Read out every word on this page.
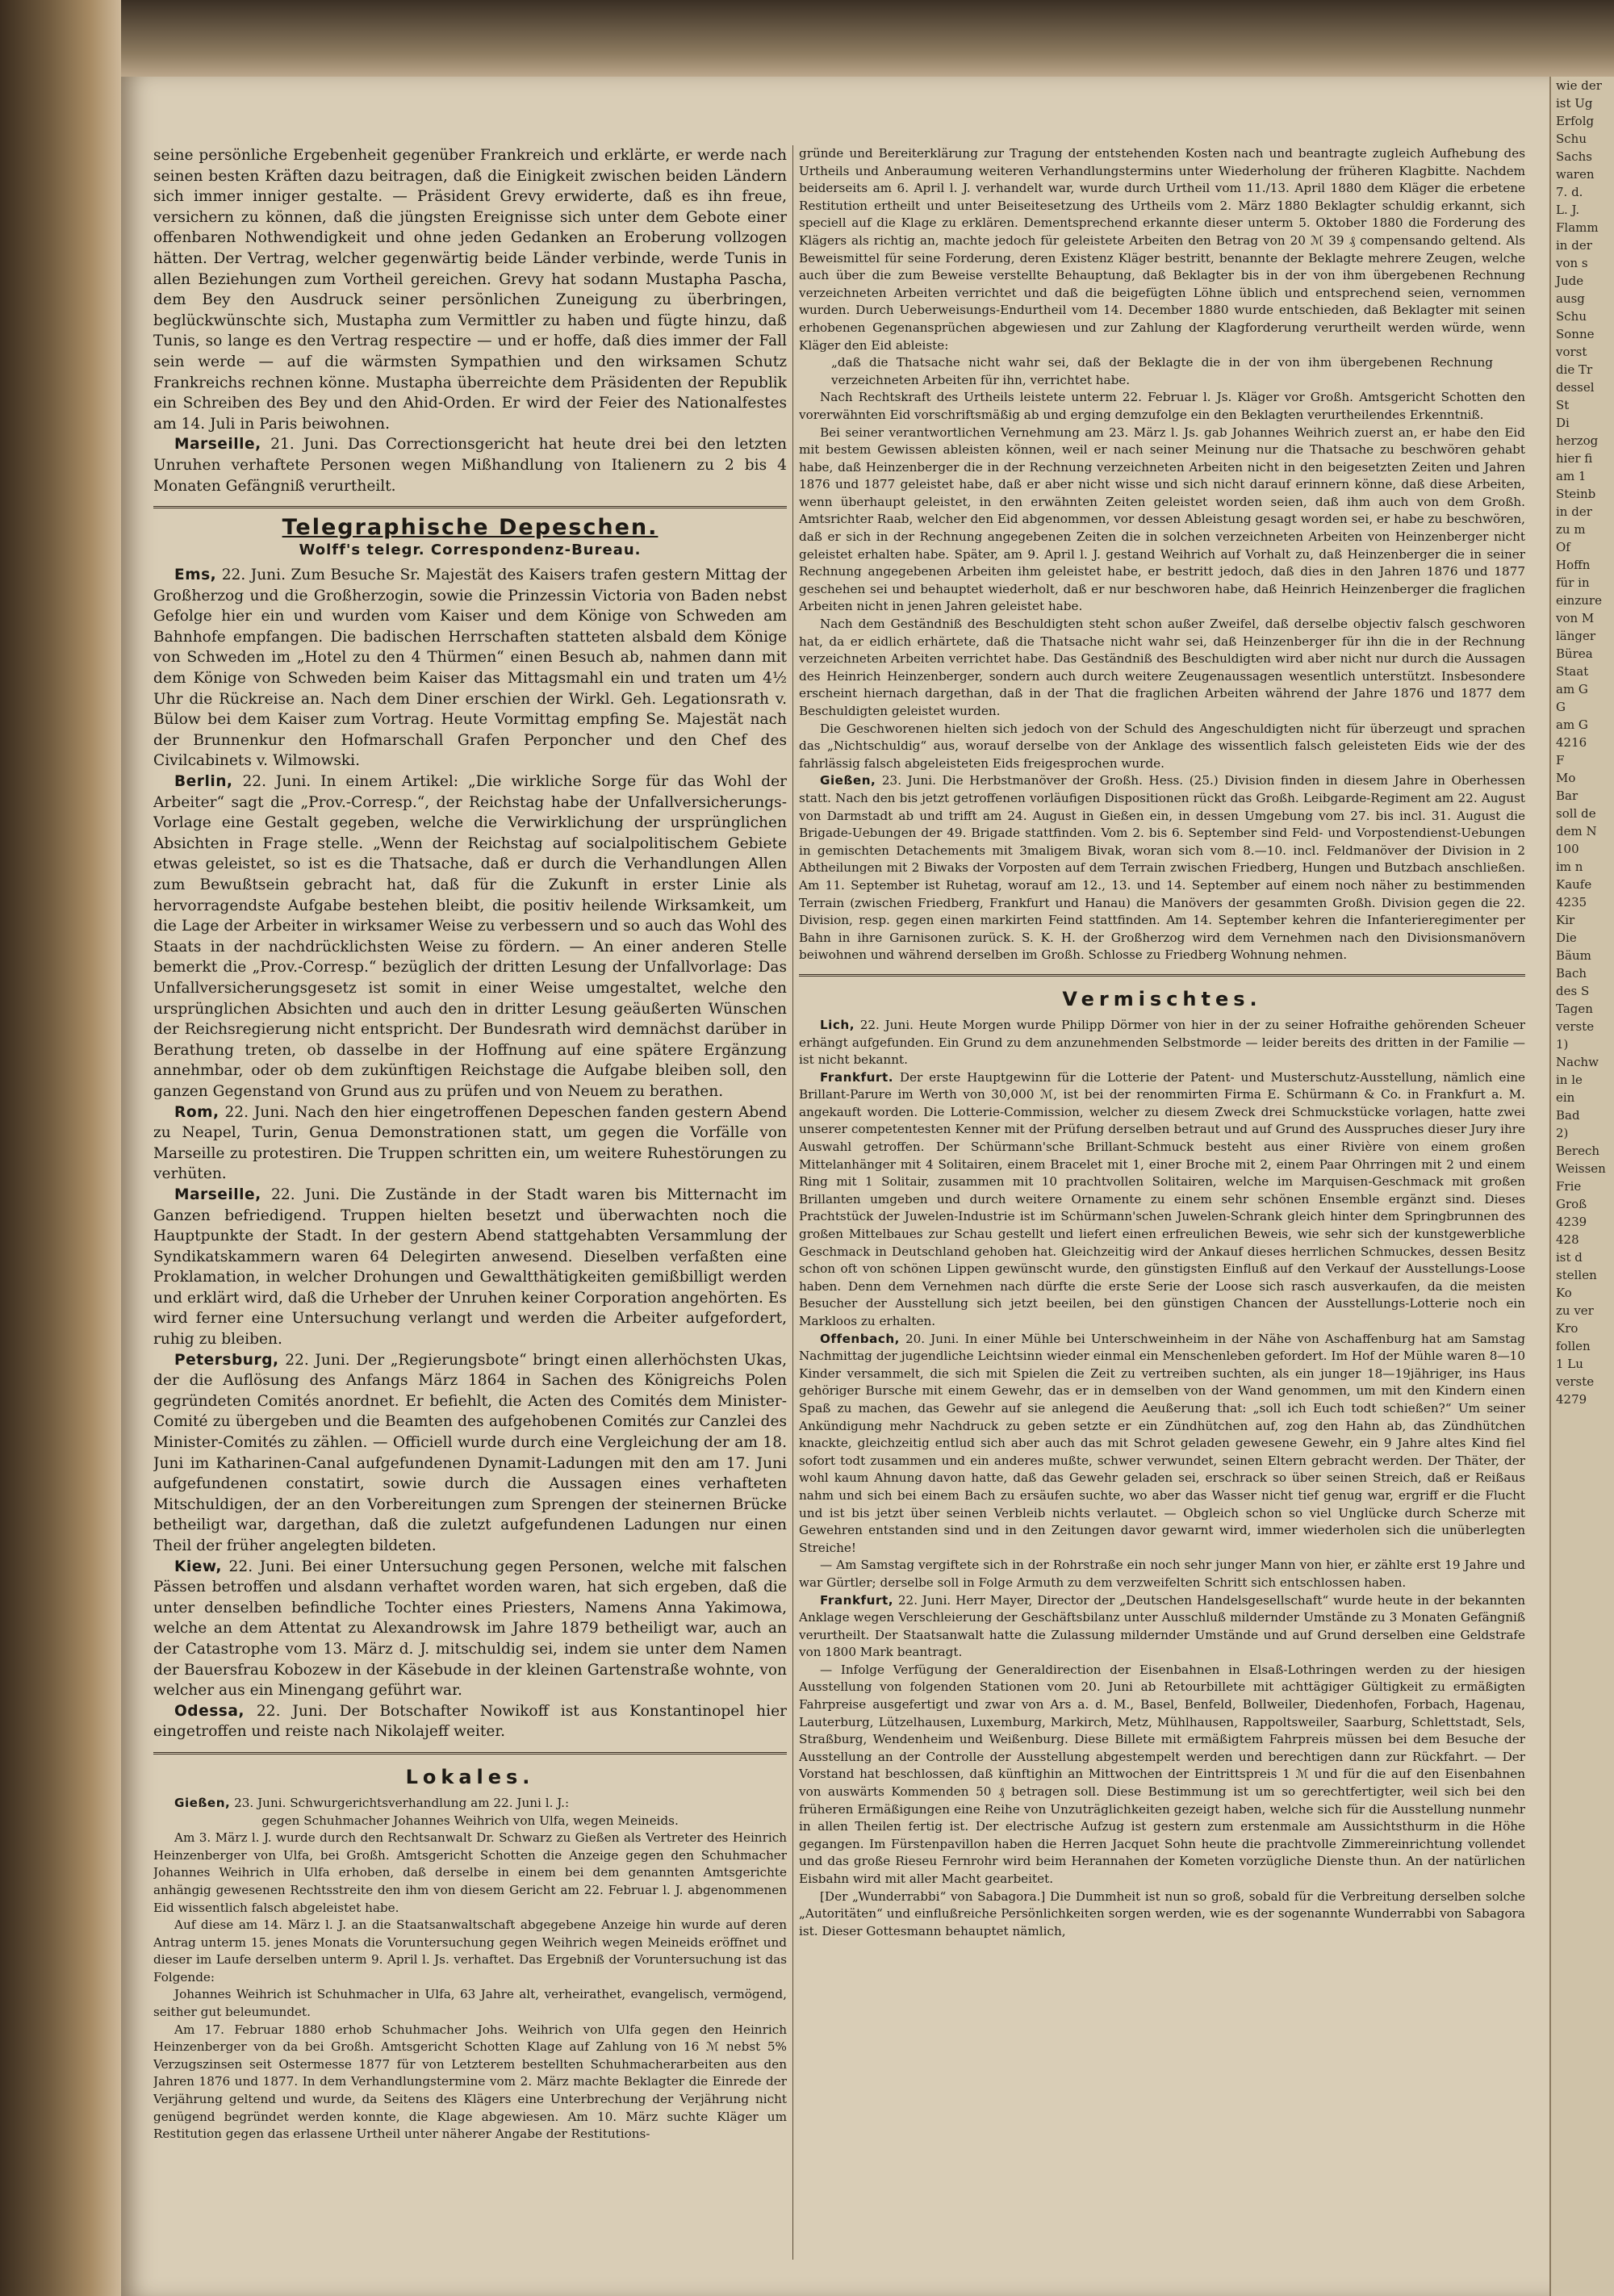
wie der
ist Ug
Erfolg
Schu
Sachs
waren
7. d.
L. J.
Flamm
in der
von s
Jude
ausg
Schu
Sonne
vorst
die Tr
dessel
St
Di
herzog
hier fi
am 1
Steinb
in der
zu m
Of
Hoffn
für in
einzure
von M
länger
Bürea
Staat
am G
G
am G
4216
F
Mo
Bar
soll de
dem N
100
im n
Kaufe
4235
Kir
Die
Bäum
Bach
des S
Tagen
verste
1)
Nachw
in le
ein
Bad
2)
Berech
Weissen
Frie
Groß
4239
428
ist d
stellen
Ko
zu ver
Kro
follen
1 Lu
verste
4279

seine persönliche Ergebenheit gegenüber Frankreich und erklärte, er werde nach seinen besten Kräften dazu beitragen, daß die Einigkeit zwischen beiden Ländern sich immer inniger gestalte. — Präsident Grevy erwiderte, daß es ihn freue, versichern zu können, daß die jüngsten Ereignisse sich unter dem Gebote einer offenbaren Nothwendigkeit und ohne jeden Gedanken an Eroberung vollzogen hätten. Der Vertrag, welcher gegenwärtig beide Länder verbinde, werde Tunis in allen Beziehungen zum Vortheil gereichen. Grevy hat sodann Mustapha Pascha, dem Bey den Ausdruck seiner persönlichen Zuneigung zu überbringen, beglückwünschte sich, Mustapha zum Vermittler zu haben und fügte hinzu, daß Tunis, so lange es den Vertrag respectire — und er hoffe, daß dies immer der Fall sein werde — auf die wärmsten Sympathien und den wirksamen Schutz Frankreichs rechnen könne. Mustapha überreichte dem Präsidenten der Republik ein Schreiben des Bey und den Ahid-Orden. Er wird der Feier des Nationalfestes am 14. Juli in Paris beiwohnen.

Marseille, 21. Juni. Das Correctionsgericht hat heute drei bei den letzten Unruhen verhaftete Personen wegen Mißhandlung von Italienern zu 2 bis 4 Monaten Gefängniß verurtheilt.

Telegraphische Depeschen.
Wolff's telegr. Correspondenz-Bureau.

Ems, 22. Juni. Zum Besuche Sr. Majestät des Kaisers trafen gestern Mittag der Großherzog und die Großherzogin, sowie die Prinzessin Victoria von Baden nebst Gefolge hier ein und wurden vom Kaiser und dem Könige von Schweden am Bahnhofe empfangen. Die badischen Herrschaften statteten alsbald dem Könige von Schweden im „Hotel zu den 4 Thürmen“ einen Besuch ab, nahmen dann mit dem Könige von Schweden beim Kaiser das Mittagsmahl ein und traten um 4½ Uhr die Rückreise an. Nach dem Diner erschien der Wirkl. Geh. Legationsrath v. Bülow bei dem Kaiser zum Vortrag. Heute Vormittag empfing Se. Majestät nach der Brunnenkur den Hofmarschall Grafen Perponcher und den Chef des Civilcabinets v. Wilmowski.

Berlin, 22. Juni. In einem Artikel: „Die wirkliche Sorge für das Wohl der Arbeiter“ sagt die „Prov.-Corresp.“, der Reichstag habe der Unfallversicherungs-Vorlage eine Gestalt gegeben, welche die Verwirklichung der ursprünglichen Absichten in Frage stelle. „Wenn der Reichstag auf socialpolitischem Gebiete etwas geleistet, so ist es die Thatsache, daß er durch die Verhandlungen Allen zum Bewußtsein gebracht hat, daß für die Zukunft in erster Linie als hervorragendste Aufgabe bestehen bleibt, die positiv heilende Wirksamkeit, um die Lage der Arbeiter in wirksamer Weise zu verbessern und so auch das Wohl des Staats in der nachdrücklichsten Weise zu fördern. — An einer anderen Stelle bemerkt die „Prov.-Corresp.“ bezüglich der dritten Lesung der Unfallvorlage: Das Unfallversicherungsgesetz ist somit in einer Weise umgestaltet, welche den ursprünglichen Absichten und auch den in dritter Lesung geäußerten Wünschen der Reichsregierung nicht entspricht. Der Bundesrath wird demnächst darüber in Berathung treten, ob dasselbe in der Hoffnung auf eine spätere Ergänzung annehmbar, oder ob dem zukünftigen Reichstage die Aufgabe bleiben soll, den ganzen Gegenstand von Grund aus zu prüfen und von Neuem zu berathen.

Rom, 22. Juni. Nach den hier eingetroffenen Depeschen fanden gestern Abend zu Neapel, Turin, Genua Demonstrationen statt, um gegen die Vorfälle von Marseille zu protestiren. Die Truppen schritten ein, um weitere Ruhestörungen zu verhüten.

Marseille, 22. Juni. Die Zustände in der Stadt waren bis Mitternacht im Ganzen befriedigend. Truppen hielten besetzt und überwachten noch die Hauptpunkte der Stadt. In der gestern Abend stattgehabten Versammlung der Syndikatskammern waren 64 Delegirten anwesend. Dieselben verfaßten eine Proklamation, in welcher Drohungen und Gewaltthätigkeiten gemißbilligt werden und erklärt wird, daß die Urheber der Unruhen keiner Corporation angehörten. Es wird ferner eine Untersuchung verlangt und werden die Arbeiter aufgefordert, ruhig zu bleiben.

Petersburg, 22. Juni. Der „Regierungsbote“ bringt einen allerhöchsten Ukas, der die Auflösung des Anfangs März 1864 in Sachen des Königreichs Polen gegründeten Comités anordnet. Er befiehlt, die Acten des Comités dem Minister-Comité zu übergeben und die Beamten des aufgehobenen Comités zur Canzlei des Minister-Comités zu zählen. — Officiell wurde durch eine Vergleichung der am 18. Juni im Katharinen-Canal aufgefundenen Dynamit-Ladungen mit den am 17. Juni aufgefundenen constatirt, sowie durch die Aussagen eines verhafteten Mitschuldigen, der an den Vorbereitungen zum Sprengen der steinernen Brücke betheiligt war, dargethan, daß die zuletzt aufgefundenen Ladungen nur einen Theil der früher angelegten bildeten.

Kiew, 22. Juni. Bei einer Untersuchung gegen Personen, welche mit falschen Pässen betroffen und alsdann verhaftet worden waren, hat sich ergeben, daß die unter denselben befindliche Tochter eines Priesters, Namens Anna Yakimowa, welche an dem Attentat zu Alexandrowsk im Jahre 1879 betheiligt war, auch an der Catastrophe vom 13. März d. J. mitschuldig sei, indem sie unter dem Namen der Bauersfrau Kobozew in der Käsebude in der kleinen Gartenstraße wohnte, von welcher aus ein Minengang geführt war.

Odessa, 22. Juni. Der Botschafter Nowikoff ist aus Konstantinopel hier eingetroffen und reiste nach Nikolajeff weiter.

Lokales.

Gießen, 23. Juni. Schwurgerichtsverhandlung am 22. Juni l. J.:

gegen Schuhmacher Johannes Weihrich von Ulfa, wegen Meineids.

Am 3. März l. J. wurde durch den Rechtsanwalt Dr. Schwarz zu Gießen als Vertreter des Heinrich Heinzenberger von Ulfa, bei Großh. Amtsgericht Schotten die Anzeige gegen den Schuhmacher Johannes Weihrich in Ulfa erhoben, daß derselbe in einem bei dem genannten Amtsgerichte anhängig gewesenen Rechtsstreite den ihm von diesem Gericht am 22. Februar l. J. abgenommenen Eid wissentlich falsch abgeleistet habe.

Auf diese am 14. März l. J. an die Staatsanwaltschaft abgegebene Anzeige hin wurde auf deren Antrag unterm 15. jenes Monats die Voruntersuchung gegen Weihrich wegen Meineids eröffnet und dieser im Laufe derselben unterm 9. April l. Js. verhaftet. Das Ergebniß der Voruntersuchung ist das Folgende:

Johannes Weihrich ist Schuhmacher in Ulfa, 63 Jahre alt, verheirathet, evangelisch, vermögend, seither gut beleumundet.

Am 17. Februar 1880 erhob Schuhmacher Johs. Weihrich von Ulfa gegen den Heinrich Heinzenberger von da bei Großh. Amtsgericht Schotten Klage auf Zahlung von 16 ℳ nebst 5% Verzugszinsen seit Ostermesse 1877 für von Letzterem bestellten Schuhmacherarbeiten aus den Jahren 1876 und 1877. In dem Verhandlungstermine vom 2. März machte Beklagter die Einrede der Verjährung geltend und wurde, da Seitens des Klägers eine Unterbrechung der Verjährung nicht genügend begründet werden konnte, die Klage abgewiesen. Am 10. März suchte Kläger um Restitution gegen das erlassene Urtheil unter näherer Angabe der Restitutions-

gründe und Bereiterklärung zur Tragung der entstehenden Kosten nach und beantragte zugleich Aufhebung des Urtheils und Anberaumung weiteren Verhandlungstermins unter Wiederholung der früheren Klagbitte. Nachdem beiderseits am 6. April l. J. verhandelt war, wurde durch Urtheil vom 11./13. April 1880 dem Kläger die erbetene Restitution ertheilt und unter Beiseitesetzung des Urtheils vom 2. März 1880 Beklagter schuldig erkannt, sich speciell auf die Klage zu erklären. Dementsprechend erkannte dieser unterm 5. Oktober 1880 die Forderung des Klägers als richtig an, machte jedoch für geleistete Arbeiten den Betrag von 20 ℳ 39 ₰ compensando geltend. Als Beweismittel für seine Forderung, deren Existenz Kläger bestritt, benannte der Beklagte mehrere Zeugen, welche auch über die zum Beweise verstellte Behauptung, daß Beklagter bis in der von ihm übergebenen Rechnung verzeichneten Arbeiten verrichtet und daß die beigefügten Löhne üblich und entsprechend seien, vernommen wurden. Durch Ueberweisungs-Endurtheil vom 14. December 1880 wurde entschieden, daß Beklagter mit seinen erhobenen Gegenansprüchen abgewiesen und zur Zahlung der Klagforderung verurtheilt werden würde, wenn Kläger den Eid ableiste:

„daß die Thatsache nicht wahr sei, daß der Beklagte die in der von ihm übergebenen Rechnung verzeichneten Arbeiten für ihn, verrichtet habe.

Nach Rechtskraft des Urtheils leistete unterm 22. Februar l. Js. Kläger vor Großh. Amtsgericht Schotten den vorerwähnten Eid vorschriftsmäßig ab und erging demzufolge ein den Beklagten verurtheilendes Erkenntniß.

Bei seiner verantwortlichen Vernehmung am 23. März l. Js. gab Johannes Weihrich zuerst an, er habe den Eid mit bestem Gewissen ableisten können, weil er nach seiner Meinung nur die Thatsache zu beschwören gehabt habe, daß Heinzenberger die in der Rechnung verzeichneten Arbeiten nicht in den beigesetzten Zeiten und Jahren 1876 und 1877 geleistet habe, daß er aber nicht wisse und sich nicht darauf erinnern könne, daß diese Arbeiten, wenn überhaupt geleistet, in den erwähnten Zeiten geleistet worden seien, daß ihm auch von dem Großh. Amtsrichter Raab, welcher den Eid abgenommen, vor dessen Ableistung gesagt worden sei, er habe zu beschwören, daß er sich in der Rechnung angegebenen Zeiten die in solchen verzeichneten Arbeiten von Heinzenberger nicht geleistet erhalten habe. Später, am 9. April l. J. gestand Weihrich auf Vorhalt zu, daß Heinzenberger die in seiner Rechnung angegebenen Arbeiten ihm geleistet habe, er bestritt jedoch, daß dies in den Jahren 1876 und 1877 geschehen sei und behauptet wiederholt, daß er nur beschworen habe, daß Heinrich Heinzenberger die fraglichen Arbeiten nicht in jenen Jahren geleistet habe.

Nach dem Geständniß des Beschuldigten steht schon außer Zweifel, daß derselbe objectiv falsch geschworen hat, da er eidlich erhärtete, daß die Thatsache nicht wahr sei, daß Heinzenberger für ihn die in der Rechnung verzeichneten Arbeiten verrichtet habe. Das Geständniß des Beschuldigten wird aber nicht nur durch die Aussagen des Heinrich Heinzenberger, sondern auch durch weitere Zeugenaussagen wesentlich unterstützt. Insbesondere erscheint hiernach dargethan, daß in der That die fraglichen Arbeiten während der Jahre 1876 und 1877 dem Beschuldigten geleistet wurden.

Die Geschworenen hielten sich jedoch von der Schuld des Angeschuldigten nicht für überzeugt und sprachen das „Nichtschuldig“ aus, worauf derselbe von der Anklage des wissentlich falsch geleisteten Eids wie der des fahrlässig falsch abgeleisteten Eids freigesprochen wurde.

Gießen, 23. Juni. Die Herbstmanöver der Großh. Hess. (25.) Division finden in diesem Jahre in Oberhessen statt. Nach den bis jetzt getroffenen vorläufigen Dispositionen rückt das Großh. Leibgarde-Regiment am 22. August von Darmstadt ab und trifft am 24. August in Gießen ein, in dessen Umgebung vom 27. bis incl. 31. August die Brigade-Uebungen der 49. Brigade stattfinden. Vom 2. bis 6. September sind Feld- und Vorpostendienst-Uebungen in gemischten Detachements mit 3maligem Bivak, woran sich vom 8.—10. incl. Feldmanöver der Division in 2 Abtheilungen mit 2 Biwaks der Vorposten auf dem Terrain zwischen Friedberg, Hungen und Butzbach anschließen. Am 11. September ist Ruhetag, worauf am 12., 13. und 14. September auf einem noch näher zu bestimmenden Terrain (zwischen Friedberg, Frankfurt und Hanau) die Manövers der gesammten Großh. Division gegen die 22. Division, resp. gegen einen markirten Feind stattfinden. Am 14. September kehren die Infanterieregimenter per Bahn in ihre Garnisonen zurück. S. K. H. der Großherzog wird dem Vernehmen nach den Divisionsmanövern beiwohnen und während derselben im Großh. Schlosse zu Friedberg Wohnung nehmen.

Vermischtes.

Lich, 22. Juni. Heute Morgen wurde Philipp Dörmer von hier in der zu seiner Hofraithe gehörenden Scheuer erhängt aufgefunden. Ein Grund zu dem anzunehmenden Selbstmorde — leider bereits des dritten in der Familie — ist nicht bekannt.

Frankfurt. Der erste Hauptgewinn für die Lotterie der Patent- und Musterschutz-Ausstellung, nämlich eine Brillant-Parure im Werth von 30,000 ℳ, ist bei der renommirten Firma E. Schürmann & Co. in Frankfurt a. M. angekauft worden. Die Lotterie-Commission, welcher zu diesem Zweck drei Schmuckstücke vorlagen, hatte zwei unserer competentesten Kenner mit der Prüfung derselben betraut und auf Grund des Ausspruches dieser Jury ihre Auswahl getroffen. Der Schürmann'sche Brillant-Schmuck besteht aus einer Rivière von einem großen Mittelanhänger mit 4 Solitairen, einem Bracelet mit 1, einer Broche mit 2, einem Paar Ohrringen mit 2 und einem Ring mit 1 Solitair, zusammen mit 10 prachtvollen Solitairen, welche im Marquisen-Geschmack mit großen Brillanten umgeben und durch weitere Ornamente zu einem sehr schönen Ensemble ergänzt sind. Dieses Prachtstück der Juwelen-Industrie ist im Schürmann'schen Juwelen-Schrank gleich hinter dem Springbrunnen des großen Mittelbaues zur Schau gestellt und liefert einen erfreulichen Beweis, wie sehr sich der kunstgewerbliche Geschmack in Deutschland gehoben hat. Gleichzeitig wird der Ankauf dieses herrlichen Schmuckes, dessen Besitz schon oft von schönen Lippen gewünscht wurde, den günstigsten Einfluß auf den Verkauf der Ausstellungs-Loose haben. Denn dem Vernehmen nach dürfte die erste Serie der Loose sich rasch ausverkaufen, da die meisten Besucher der Ausstellung sich jetzt beeilen, bei den günstigen Chancen der Ausstellungs-Lotterie noch ein Markloos zu erhalten.

Offenbach, 20. Juni. In einer Mühle bei Unterschweinheim in der Nähe von Aschaffenburg hat am Samstag Nachmittag der jugendliche Leichtsinn wieder einmal ein Menschenleben gefordert. Im Hof der Mühle waren 8—10 Kinder versammelt, die sich mit Spielen die Zeit zu vertreiben suchten, als ein junger 18—19jähriger, ins Haus gehöriger Bursche mit einem Gewehr, das er in demselben von der Wand genommen, um mit den Kindern einen Spaß zu machen, das Gewehr auf sie anlegend die Aeußerung that: „soll ich Euch todt schießen?“ Um seiner Ankündigung mehr Nachdruck zu geben setzte er ein Zündhütchen auf, zog den Hahn ab, das Zündhütchen knackte, gleichzeitig entlud sich aber auch das mit Schrot geladen gewesene Gewehr, ein 9 Jahre altes Kind fiel sofort todt zusammen und ein anderes mußte, schwer verwundet, seinen Eltern gebracht werden. Der Thäter, der wohl kaum Ahnung davon hatte, daß das Gewehr geladen sei, erschrack so über seinen Streich, daß er Reißaus nahm und sich bei einem Bach zu ersäufen suchte, wo aber das Wasser nicht tief genug war, ergriff er die Flucht und ist bis jetzt über seinen Verbleib nichts verlautet. — Obgleich schon so viel Unglücke durch Scherze mit Gewehren entstanden sind und in den Zeitungen davor gewarnt wird, immer wiederholen sich die unüberlegten Streiche!

— Am Samstag vergiftete sich in der Rohrstraße ein noch sehr junger Mann von hier, er zählte erst 19 Jahre und war Gürtler; derselbe soll in Folge Armuth zu dem verzweifelten Schritt sich entschlossen haben.

Frankfurt, 22. Juni. Herr Mayer, Director der „Deutschen Handelsgesellschaft“ wurde heute in der bekannten Anklage wegen Verschleierung der Geschäftsbilanz unter Ausschluß mildernder Umstände zu 3 Monaten Gefängniß verurtheilt. Der Staatsanwalt hatte die Zulassung mildernder Umstände und auf Grund derselben eine Geldstrafe von 1800 Mark beantragt.

— Infolge Verfügung der Generaldirection der Eisenbahnen in Elsaß-Lothringen werden zu der hiesigen Ausstellung von folgenden Stationen vom 20. Juni ab Retourbillete mit achttägiger Gültigkeit zu ermäßigten Fahrpreise ausgefertigt und zwar von Ars a. d. M., Basel, Benfeld, Bollweiler, Diedenhofen, Forbach, Hagenau, Lauterburg, Lützelhausen, Luxemburg, Markirch, Metz, Mühlhausen, Rappoltsweiler, Saarburg, Schlettstadt, Sels, Straßburg, Wendenheim und Weißenburg. Diese Billete mit ermäßigtem Fahrpreis müssen bei dem Besuche der Ausstellung an der Controlle der Ausstellung abgestempelt werden und berechtigen dann zur Rückfahrt. — Der Vorstand hat beschlossen, daß künftighin an Mittwochen der Eintrittspreis 1 ℳ und für die auf den Eisenbahnen von auswärts Kommenden 50 ₰ betragen soll. Diese Bestimmung ist um so gerechtfertigter, weil sich bei den früheren Ermäßigungen eine Reihe von Unzuträglichkeiten gezeigt haben, welche sich für die Ausstellung nunmehr in allen Theilen fertig ist. Der electrische Aufzug ist gestern zum erstenmale am Aussichtsthurm in die Höhe gegangen. Im Fürstenpavillon haben die Herren Jacquet Sohn heute die prachtvolle Zimmereinrichtung vollendet und das große Rieseu Fernrohr wird beim Herannahen der Kometen vorzügliche Dienste thun. An der natürlichen Eisbahn wird mit aller Macht gearbeitet.

[Der „Wunderrabbi“ von Sabagora.] Die Dummheit ist nun so groß, sobald für die Verbreitung derselben solche „Autoritäten“ und einflußreiche Persönlichkeiten sorgen werden, wie es der sogenannte Wunderrabbi von Sabagora ist. Dieser Gottesmann behauptet nämlich,
